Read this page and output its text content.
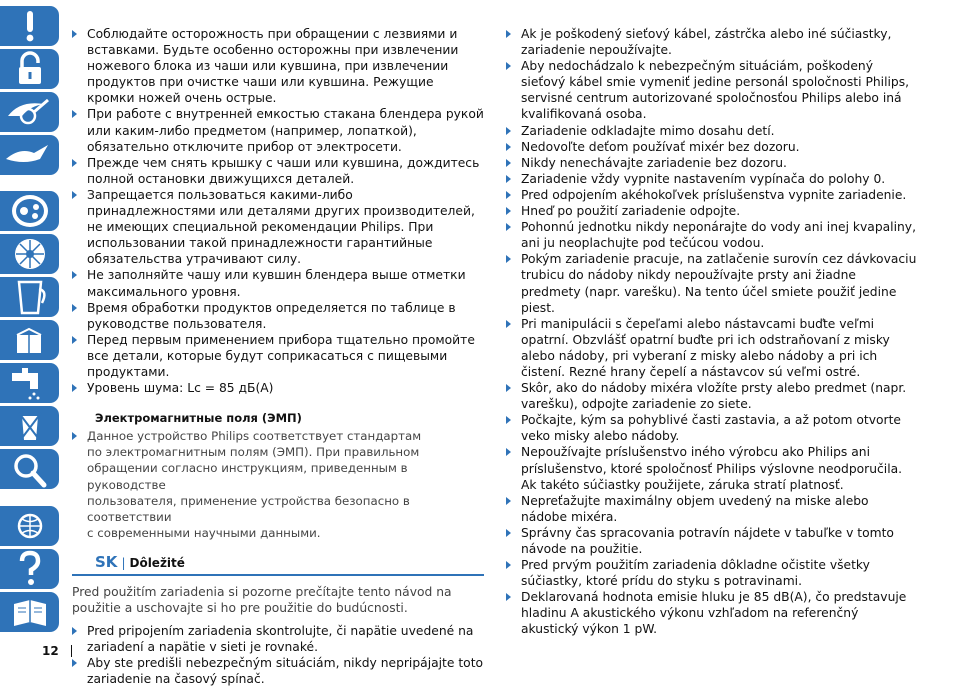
Соблюдайте осторожность при обращении с лезвиями и вставками. Будьте особенно осторожны при извлечении ножевого блока из чаши или кувшина, при извлечении продуктов при очистке чаши или кувшина. Режущие кромки ножей очень острые.
При работе с внутренней емкостью стакана блендера рукой или каким-либо предметом (например, лопаткой), обязательно отключите прибор от электросети.
Прежде чем снять крышку с чаши или кувшина, дождитесь полной остановки движущихся деталей.
Запрещается пользоваться какими-либо принадлежностями или деталями других производителей, не имеющих специальной рекомендации Philips. При использовании такой принадлежности гарантийные обязательства утрачивают силу.
Не заполняйте чашу или кувшин блендера выше отметки максимального уровня.
Время обработки продуктов определяется по таблице в руководстве пользователя.
Перед первым применением прибора тщательно промойте все детали, которые будут соприкасаться с пищевыми продуктами.
Уровень шума: Lc = 85 дБ(А)
Электромагнитные поля (ЭМП)
Данное устройство Philips соответствует стандартам
по электромагнитным полям (ЭМП). При правильном
обращении согласно инструкциям, приведенным в руководстве
пользователя, применение устройства безопасно в соответствии
с современными научными данными.
SK | Dôležité
Pred použitím zariadenia si pozorne prečítajte tento návod na použitie a uschovajte si ho pre použitie do budúcnosti.
Pred pripojením zariadenia skontrolujte, či napätie uvedené na zariadení a napätie v sieti je rovnaké.
Aby ste predišli nebezpečným situáciám, nikdy nepripájajte toto zariadenie na časový spínač.
Ak je poškodený sieťový kábel, zástrčka alebo iné súčiastky, zariadenie nepoužívajte.
Aby nedochádzalo k nebezpečným situáciám, poškodený sieťový kábel smie vymeniť jedine personál spoločnosti Philips, servisné centrum autorizované spoločnosťou Philips alebo iná kvalifikovaná osoba.
Zariadenie odkladajte mimo dosahu detí.
Nedovoľte deťom používať mixér bez dozoru.
Nikdy nenechávajte zariadenie bez dozoru.
Zariadenie vždy vypnite nastavením vypínača do polohy 0.
Pred odpojením akéhokoľvek príslušenstva vypnite zariadenie.
Hneď po použití zariadenie odpojte.
Pohonnú jednotku nikdy neponárajte do vody ani inej kvapaliny, ani ju neoplachujte pod tečúcou vodou.
Pokým zariadenie pracuje, na zatlačenie surovín cez dávkovaciu trubicu do nádoby nikdy nepoužívajte prsty ani žiadne predmety (napr. varešku). Na tento účel smiete použiť jedine piest.
Pri manipulácii s čepeľami alebo nástavcami buďte veľmi opatrní. Obzvlášť opatrní buďte pri ich odstraňovaní z misky alebo nádoby, pri vyberaní z misky alebo nádoby a pri ich čistení. Rezné hrany čepelí a nástavcov sú veľmi ostré.
Skôr, ako do nádoby mixéra vložíte prsty alebo predmet (napr. varešku), odpojte zariadenie zo siete.
Počkajte, kým sa pohyblivé časti zastavia, a až potom otvorte veko misky alebo nádoby.
Nepoužívajte príslušenstvo iného výrobcu ako Philips ani príslušenstvo, ktoré spoločnosť Philips výslovne neodporučila.
Ak takéto súčiastky použijete, záruka stratí platnosť.
Nepreťažujte maximálny objem uvedený na miske alebo nádobe mixéra.
Správny čas spracovania potravín nájdete v tabuľke v tomto návode na použitie.
Pred prvým použitím zariadenia dôkladne očistite všetky súčiastky, ktoré prídu do styku s potravinami.
Deklarovaná hodnota emisie hluku je 85 dB(A), čo predstavuje hladinu A akustického výkonu vzhľadom na referenčný akustický výkon 1 pW.
12
